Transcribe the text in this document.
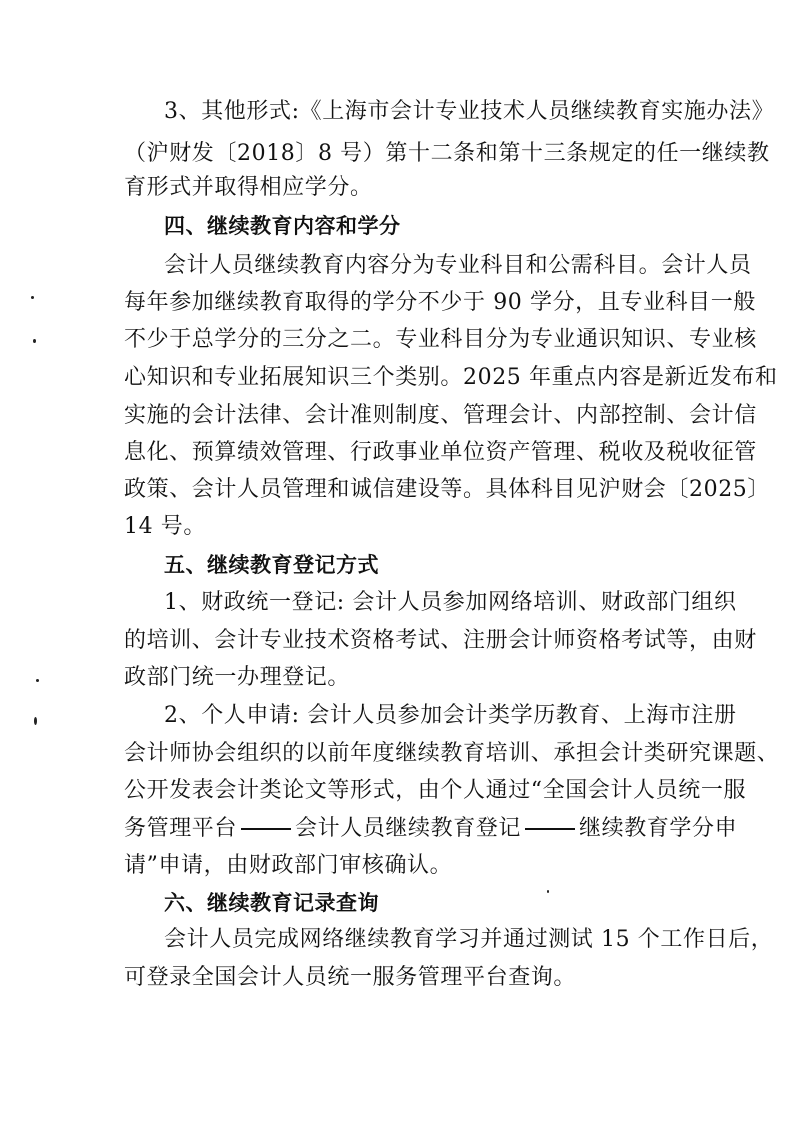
3、其他形式:《上海市会计专业技术人员继续教育实施办法》
（沪财发〔2018〕8 号）第十二条和第十三条规定的任一继续教
育形式并取得相应学分。
四、继续教育内容和学分
会计人员继续教育内容分为专业科目和公需科目。会计人员
每年参加继续教育取得的学分不少于 90 学分，且专业科目一般
不少于总学分的三分之二。专业科目分为专业通识知识、专业核
心知识和专业拓展知识三个类别。2025 年重点内容是新近发布和
实施的会计法律、会计准则制度、管理会计、内部控制、会计信
息化、预算绩效管理、行政事业单位资产管理、税收及税收征管
政策、会计人员管理和诚信建设等。具体科目见沪财会〔2025〕
14 号。
五、继续教育登记方式
1、财政统一登记: 会计人员参加网络培训、财政部门组织
的培训、会计专业技术资格考试、注册会计师资格考试等，由财
政部门统一办理登记。
2、个人申请: 会计人员参加会计类学历教育、上海市注册
会计师协会组织的以前年度继续教育培训、承担会计类研究课题、
公开发表会计类论文等形式，由个人通过“全国会计人员统一服
务管理平台	会计人员继续教育登记	继续教育学分申
请”申请，由财政部门审核确认。
六、继续教育记录查询
会计人员完成网络继续教育学习并通过测试 15 个工作日后，
可登录全国会计人员统一服务管理平台查询。
